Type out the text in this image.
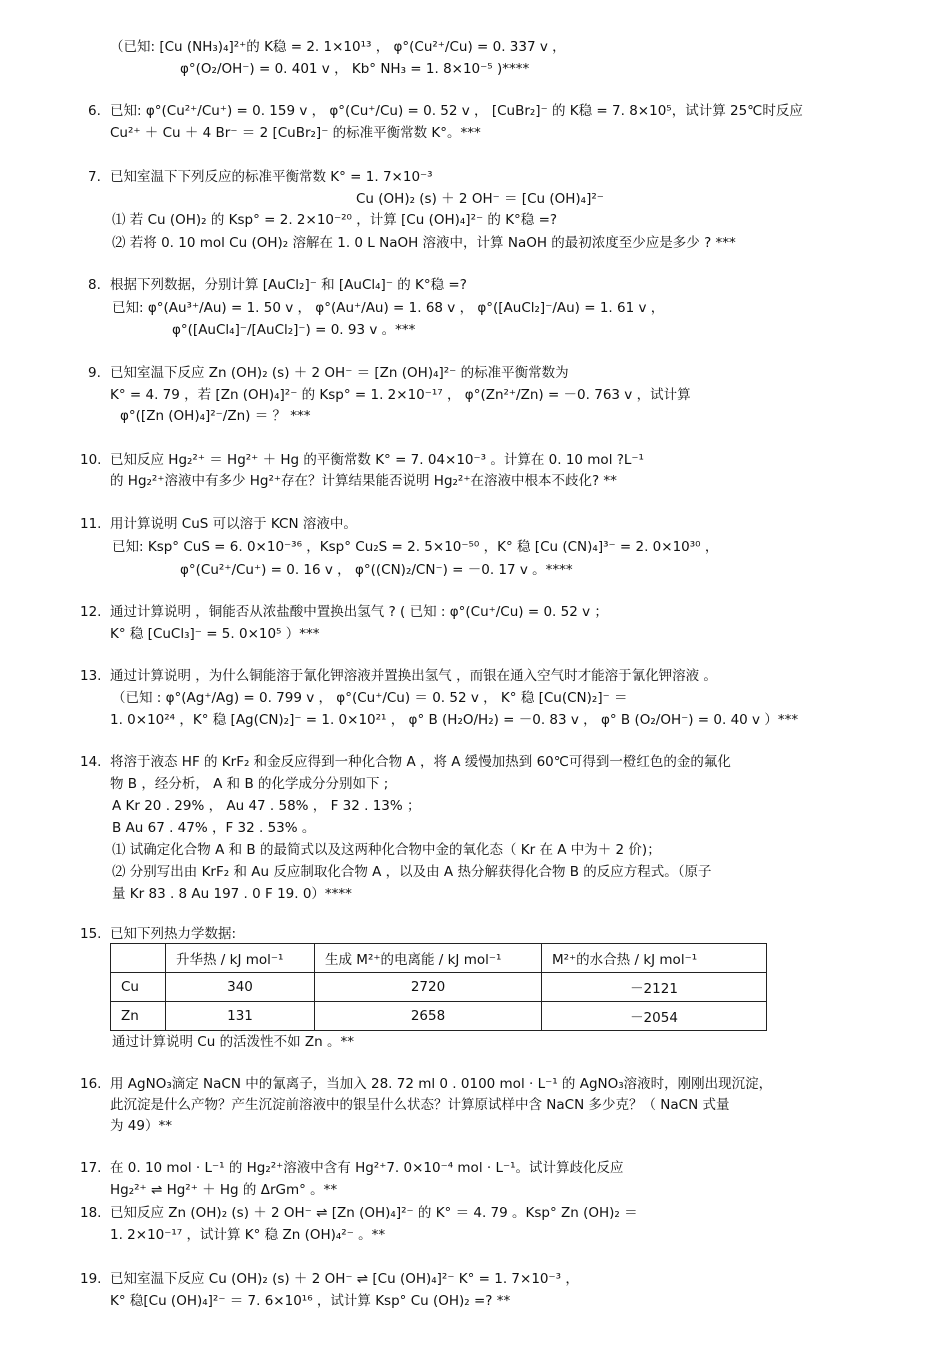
（已知: [Cu (NH₃)₄]²⁺的 K稳 = 2. 1×10¹³ ， φ°(Cu²⁺/Cu) = 0. 337 v ，
φ°(O₂/OH⁻) = 0. 401 v ， Kb° NH₃ = 1. 8×10⁻⁵ )****
6. 已知: φ°(Cu²⁺/Cu⁺) = 0. 159 v ， φ°(Cu⁺/Cu) = 0. 52 v ， [CuBr₂]⁻ 的 K稳 = 7. 8×10⁵，试计算 25℃时反应
Cu²⁺ ＋ Cu ＋ 4 Br⁻ ＝ 2 [CuBr₂]⁻ 的标准平衡常数 K°。***
7. 已知室温下下列反应的标准平衡常数 K° = 1. 7×10⁻³
Cu (OH)₂ (s) ＋ 2 OH⁻ ＝ [Cu (OH)₄]²⁻
⑴ 若 Cu (OH)₂ 的 Ksp° = 2. 2×10⁻²⁰ ，计算 [Cu (OH)₄]²⁻ 的 K°稳 =?
⑵ 若将 0. 10 mol Cu (OH)₂ 溶解在 1. 0 L NaOH 溶液中，计算 NaOH 的最初浓度至少应是多少 ? ***
8. 根据下列数据，分别计算 [AuCl₂]⁻ 和 [AuCl₄]⁻ 的 K°稳 =?
已知: φ°(Au³⁺/Au) = 1. 50 v ， φ°(Au⁺/Au) = 1. 68 v ， φ°([AuCl₂]⁻/Au) = 1. 61 v ，
φ°([AuCl₄]⁻/[AuCl₂]⁻) = 0. 93 v 。***
9. 已知室温下反应 Zn (OH)₂ (s) ＋ 2 OH⁻ ＝ [Zn (OH)₄]²⁻ 的标准平衡常数为
K° = 4. 79 ，若 [Zn (OH)₄]²⁻ 的 Ksp° = 1. 2×10⁻¹⁷ ， φ°(Zn²⁺/Zn) = －0. 763 v ，试计算
φ°([Zn (OH)₄]²⁻/Zn) ＝ ？ ***
10. 已知反应 Hg₂²⁺ ＝ Hg²⁺ ＋ Hg 的平衡常数 K° = 7. 04×10⁻³ 。计算在 0. 10 mol ?L⁻¹
的 Hg₂²⁺溶液中有多少 Hg²⁺存在？计算结果能否说明 Hg₂²⁺在溶液中根本不歧化? **
11. 用计算说明 CuS 可以溶于 KCN 溶液中。
已知: Ksp° CuS = 6. 0×10⁻³⁶ ，Ksp° Cu₂S = 2. 5×10⁻⁵⁰ ，K° 稳 [Cu (CN)₄]³⁻ = 2. 0×10³⁰ ，
φ°(Cu²⁺/Cu⁺) = 0. 16 v ， φ°((CN)₂/CN⁻) = －0. 17 v 。****
12. 通过计算说明 ，铜能否从浓盐酸中置换出氢气 ? ( 已知 : φ°(Cu⁺/Cu) = 0. 52 v ；
K° 稳 [CuCl₃]⁻ = 5. 0×10⁵ ）***
13. 通过计算说明 ，为什么铜能溶于氰化钾溶液并置换出氢气 ，而银在通入空气时才能溶于氰化钾溶液 。
（已知 : φ°(Ag⁺/Ag) = 0. 799 v ， φ°(Cu⁺/Cu) ＝ 0. 52 v ， K° 稳 [Cu(CN)₂]⁻ ＝
1. 0×10²⁴ ，K° 稳 [Ag(CN)₂]⁻ = 1. 0×10²¹ ， φ° B (H₂O/H₂) = －0. 83 v ， φ° B (O₂/OH⁻) = 0. 40 v ）***
14. 将溶于液态 HF 的 KrF₂ 和金反应得到一种化合物 A ，将 A 缓慢加热到 60℃可得到一橙红色的金的氟化
物 B ，经分析， A 和 B 的化学成分分别如下 ;
A Kr 20 . 29% ， Au 47 . 58% ， F 32 . 13% ；
B Au 67 . 47% ，F 32 . 53% 。
⑴ 试确定化合物 A 和 B 的最简式以及这两种化合物中金的氧化态（ Kr 在 A 中为＋ 2 价)；
⑵ 分别写出由 KrF₂ 和 Au 反应制取化合物 A ，以及由 A 热分解获得化合物 B 的反应方程式。（原子
量 Kr 83 . 8 Au 197 . 0 F 19. 0）****
15. 已知下列热力学数据:
	升华热 / kJ mol⁻¹	生成 M²⁺的电离能 / kJ mol⁻¹	M²⁺的水合热 / kJ mol⁻¹
Cu	340	2720	－2121
Zn	131	2658	－2054
通过计算说明 Cu 的活泼性不如 Zn 。**
16. 用 AgNO₃滴定 NaCN 中的氰离子，当加入 28. 72 ml 0 . 0100 mol · L⁻¹ 的 AgNO₃溶液时，刚刚出现沉淀，
此沉淀是什么产物？产生沉淀前溶液中的银呈什么状态？计算原试样中含 NaCN 多少克？（ NaCN 式量
为 49）**
17. 在 0. 10 mol · L⁻¹ 的 Hg₂²⁺溶液中含有 Hg²⁺7. 0×10⁻⁴ mol · L⁻¹。试计算歧化反应
Hg₂²⁺ ⇌ Hg²⁺ ＋ Hg 的 ΔrGm° 。**
18. 已知反应 Zn (OH)₂ (s) ＋ 2 OH⁻ ⇌ [Zn (OH)₄]²⁻ 的 K° ＝ 4. 79 。Ksp° Zn (OH)₂ ＝
1. 2×10⁻¹⁷ ，试计算 K° 稳 Zn (OH)₄²⁻ 。**
19. 已知室温下反应 Cu (OH)₂ (s) ＋ 2 OH⁻ ⇌ [Cu (OH)₄]²⁻ K° = 1. 7×10⁻³ ，
K° 稳[Cu (OH)₄]²⁻ ＝ 7. 6×10¹⁶ ，试计算 Ksp° Cu (OH)₂ =? **
